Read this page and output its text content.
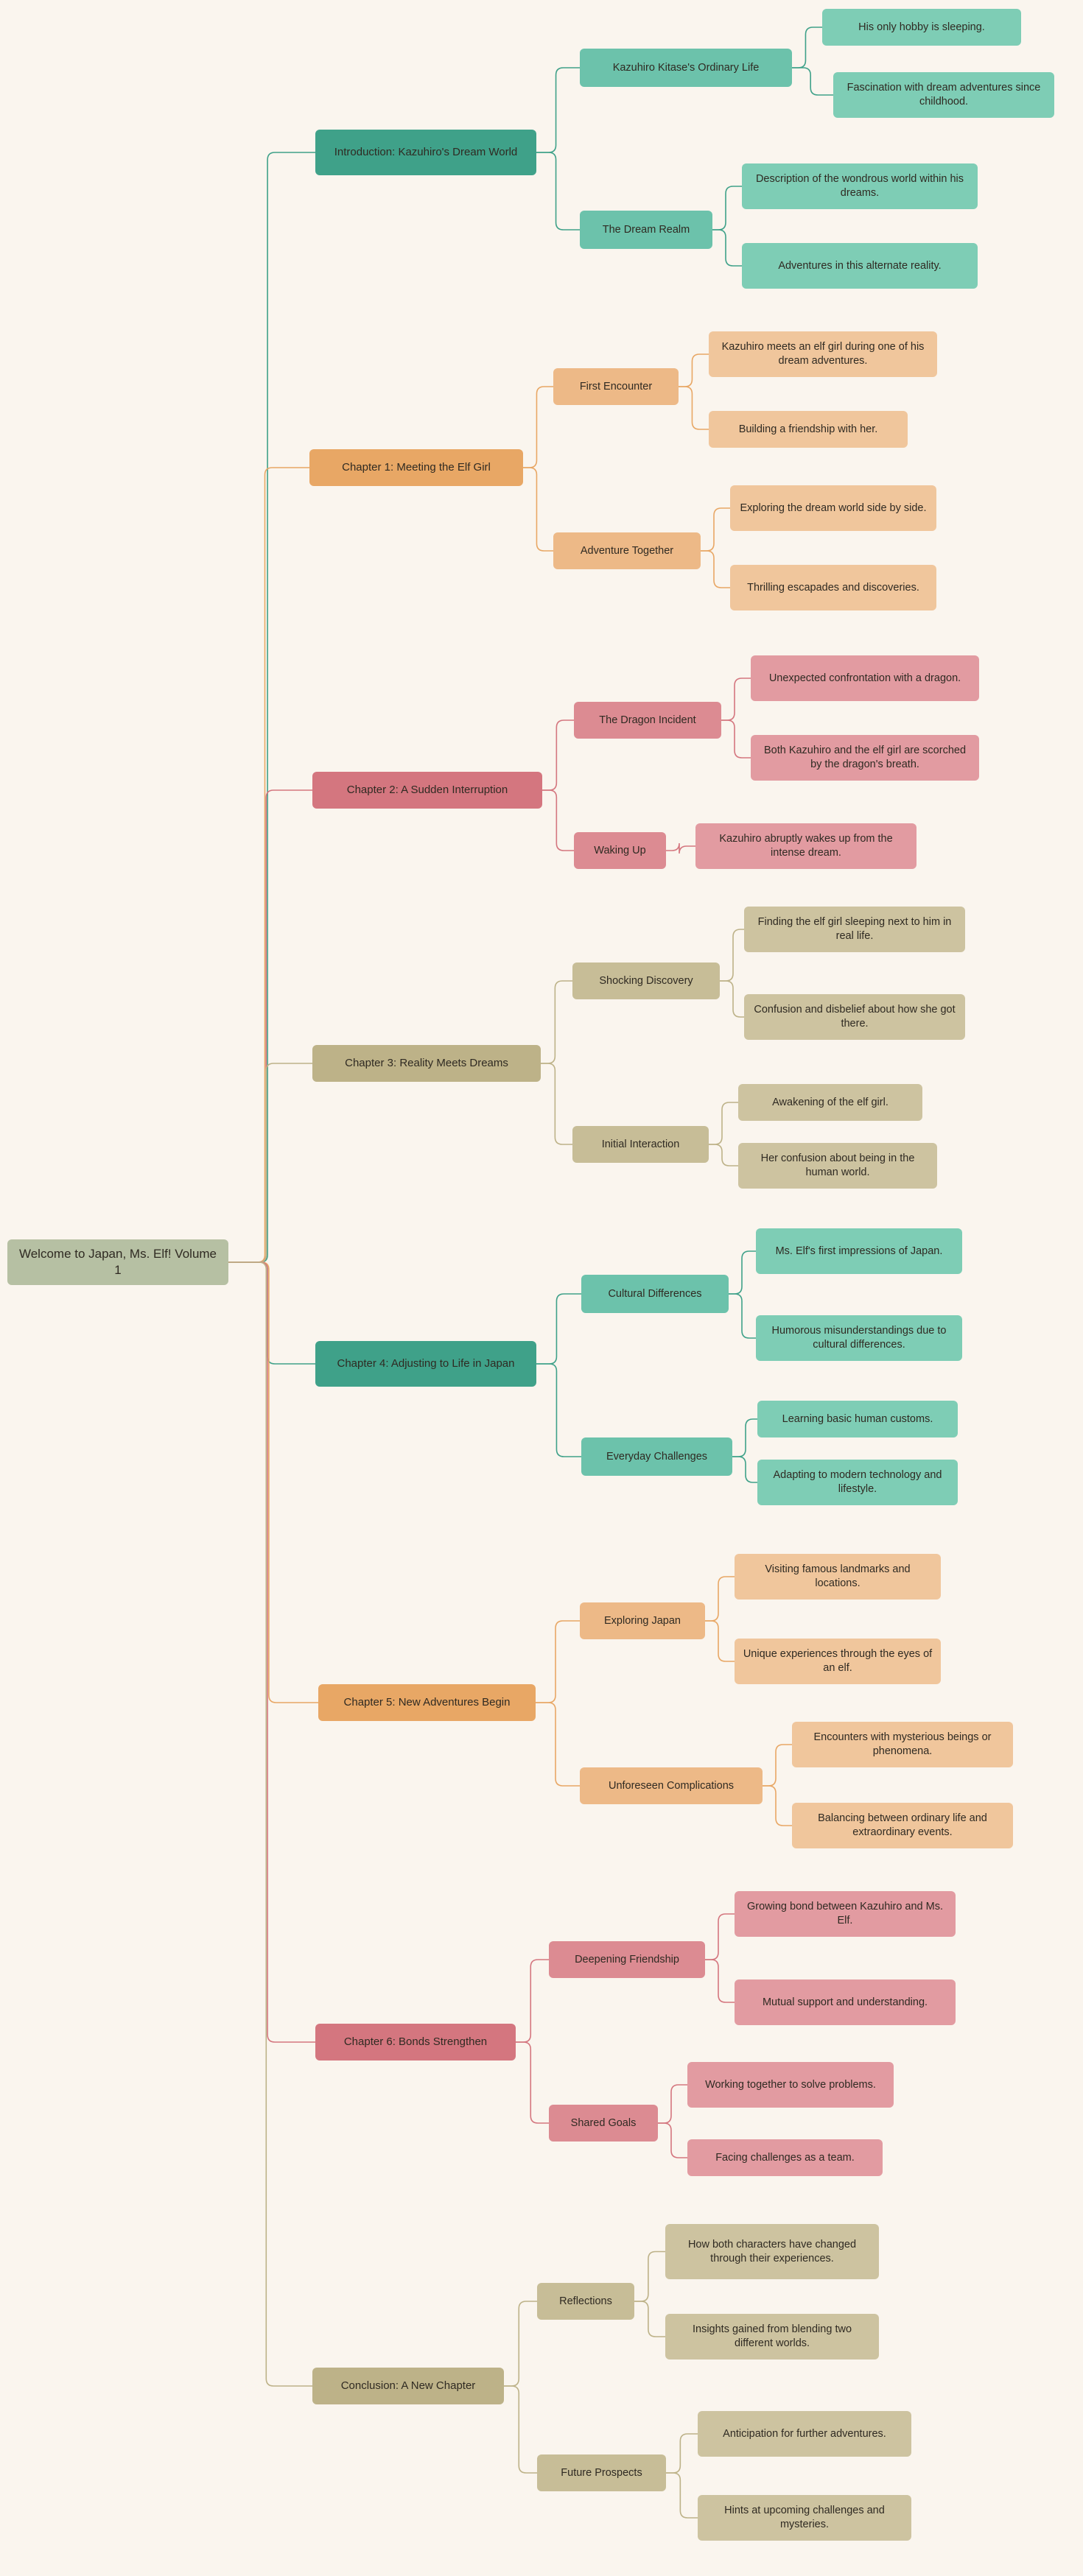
Welcome to Japan, Ms. Elf! Volume 1
Introduction: Kazuhiro's Dream World
Kazuhiro Kitase's Ordinary Life
His only hobby is sleeping.
Fascination with dream adventures since childhood.
The Dream Realm
Description of the wondrous world within his dreams.
Adventures in this alternate reality.
Chapter 1: Meeting the Elf Girl
First Encounter
Kazuhiro meets an elf girl during one of his dream adventures.
Building a friendship with her.
Adventure Together
Exploring the dream world side by side.
Thrilling escapades and discoveries.
Chapter 2: A Sudden Interruption
The Dragon Incident
Unexpected confrontation with a dragon.
Both Kazuhiro and the elf girl are scorched by the dragon's breath.
Waking Up
Kazuhiro abruptly wakes up from the intense dream.
Chapter 3: Reality Meets Dreams
Shocking Discovery
Finding the elf girl sleeping next to him in real life.
Confusion and disbelief about how she got there.
Initial Interaction
Awakening of the elf girl.
Her confusion about being in the human world.
Chapter 4: Adjusting to Life in Japan
Cultural Differences
Ms. Elf's first impressions of Japan.
Humorous misunderstandings due to cultural differences.
Everyday Challenges
Learning basic human customs.
Adapting to modern technology and lifestyle.
Chapter 5: New Adventures Begin
Exploring Japan
Visiting famous landmarks and locations.
Unique experiences through the eyes of an elf.
Unforeseen Complications
Encounters with mysterious beings or phenomena.
Balancing between ordinary life and extraordinary events.
Chapter 6: Bonds Strengthen
Deepening Friendship
Growing bond between Kazuhiro and Ms. Elf.
Mutual support and understanding.
Shared Goals
Working together to solve problems.
Facing challenges as a team.
Conclusion: A New Chapter
Reflections
How both characters have changed through their experiences.
Insights gained from blending two different worlds.
Future Prospects
Anticipation for further adventures.
Hints at upcoming challenges and mysteries.
